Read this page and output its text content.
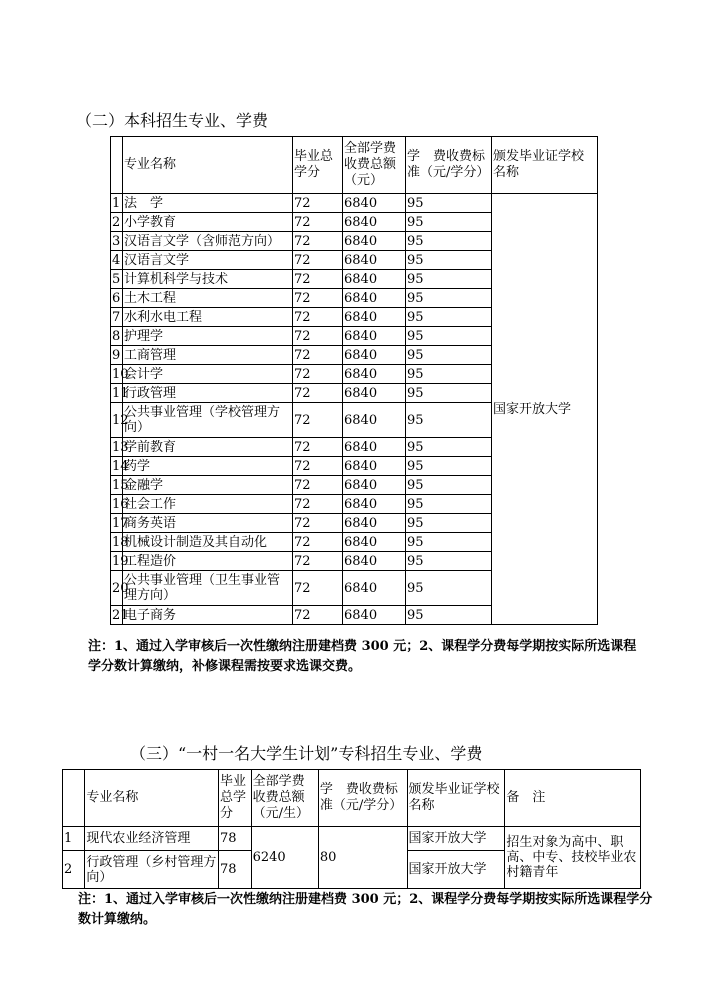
（二）本科招生专业、学费
	专业名称	毕业总学分	全部学费收费总额（元）	学　费收费标准（元/学分）	颁发毕业证学校名称
1	法　学	72	6840	95	国家开放大学
2	小学教育	72	6840	95	
3	汉语言文学（含师范方向）	72	6840	95	
4	汉语言文学	72	6840	95	
5	计算机科学与技术	72	6840	95	
6	土木工程	72	6840	95	
7	水利水电工程	72	6840	95	
8	护理学	72	6840	95	
9	工商管理	72	6840	95	
10	会计学	72	6840	95	
11	行政管理	72	6840	95	
12	公共事业管理（学校管理方向）	72	6840	95	
13	学前教育	72	6840	95	
14	药学	72	6840	95	
15	金融学	72	6840	95	
16	社会工作	72	6840	95	
17	商务英语	72	6840	95	
18	机械设计制造及其自动化	72	6840	95	
19	工程造价	72	6840	95	
20	公共事业管理（卫生事业管理方向）	72	6840	95	
21	电子商务	72	6840	95	
注：1、通过入学审核后一次性缴纳注册建档费 300 元；2、课程学分费每学期按实际所选课程学分数计算缴纳，补修课程需按要求选课交费。
（三）“一村一名大学生计划”专科招生专业、学费
	专业名称	毕业总学分	全部学费收费总额（元/生）	学　费收费标准（元/学分）	颁发毕业证学校名称	备　注
1	现代农业经济管理	78	6240	80	国家开放大学	招生对象为高中、职高、中专、技校毕业农村籍青年
2	行政管理（乡村管理方向）	78			国家开放大学	
注：1、通过入学审核后一次性缴纳注册建档费 300 元；2、课程学分费每学期按实际所选课程学分数计算缴纳。
